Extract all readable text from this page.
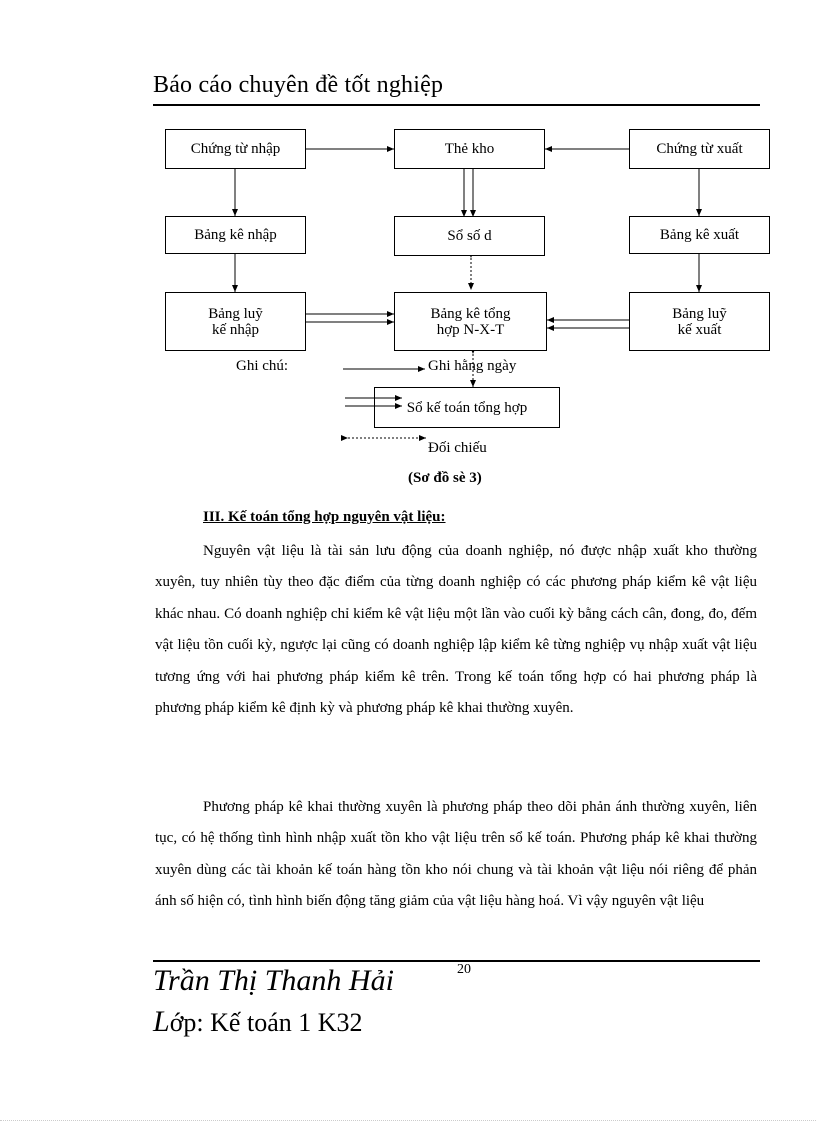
Báo cáo chuyên đề tốt nghiệp
Chứng từ nhập	Thẻ kho	Chứng từ xuất
Bảng kê nhập	Sổ số d	Bảng kê xuất
Bảng luỹ
kế nhập
Bảng kê tổng
hợp N-X-T
Bảng luỹ
kế xuất
Ghi chú:	Ghi hằng ngày
Sổ kế toán tổng hợp
Đối chiếu
(Sơ đồ sè 3)
III. Kế toán tổng hợp nguyên vật liệu:

Nguyên vật liệu là tài sản lưu động của doanh nghiệp, nó được nhập xuất kho thường xuyên, tuy nhiên tùy theo đặc điểm của từng doanh nghiệp có các phương pháp kiểm kê vật liệu khác nhau. Có doanh nghiệp chỉ kiểm kê vật liệu một lần vào cuối kỳ bằng cách cân, đong, đo, đếm vật liệu tồn cuối kỳ, ngược lại cũng có doanh nghiệp lập kiểm kê từng nghiệp vụ nhập xuất vật liệu tương ứng với hai phương pháp kiểm kê trên. Trong kế toán tổng hợp có hai phương pháp là phương pháp kiểm kê định kỳ và phương pháp kê khai thường xuyên.

Phương pháp kê khai thường xuyên là phương pháp theo dõi phản ánh thường xuyên, liên tục, có hệ thống tình hình nhập xuất tồn kho vật liệu trên sổ kế toán. Phương pháp kê khai thường xuyên dùng các tài khoản kế toán hàng tồn kho nói chung và tài khoản vật liệu nói riêng để phản ánh số hiện có, tình hình biến động tăng giảm của vật liệu hàng hoá. Vì vậy nguyên vật liệu

20
Trần Thị Thanh Hải
Lớp: Kế toán 1 K32
